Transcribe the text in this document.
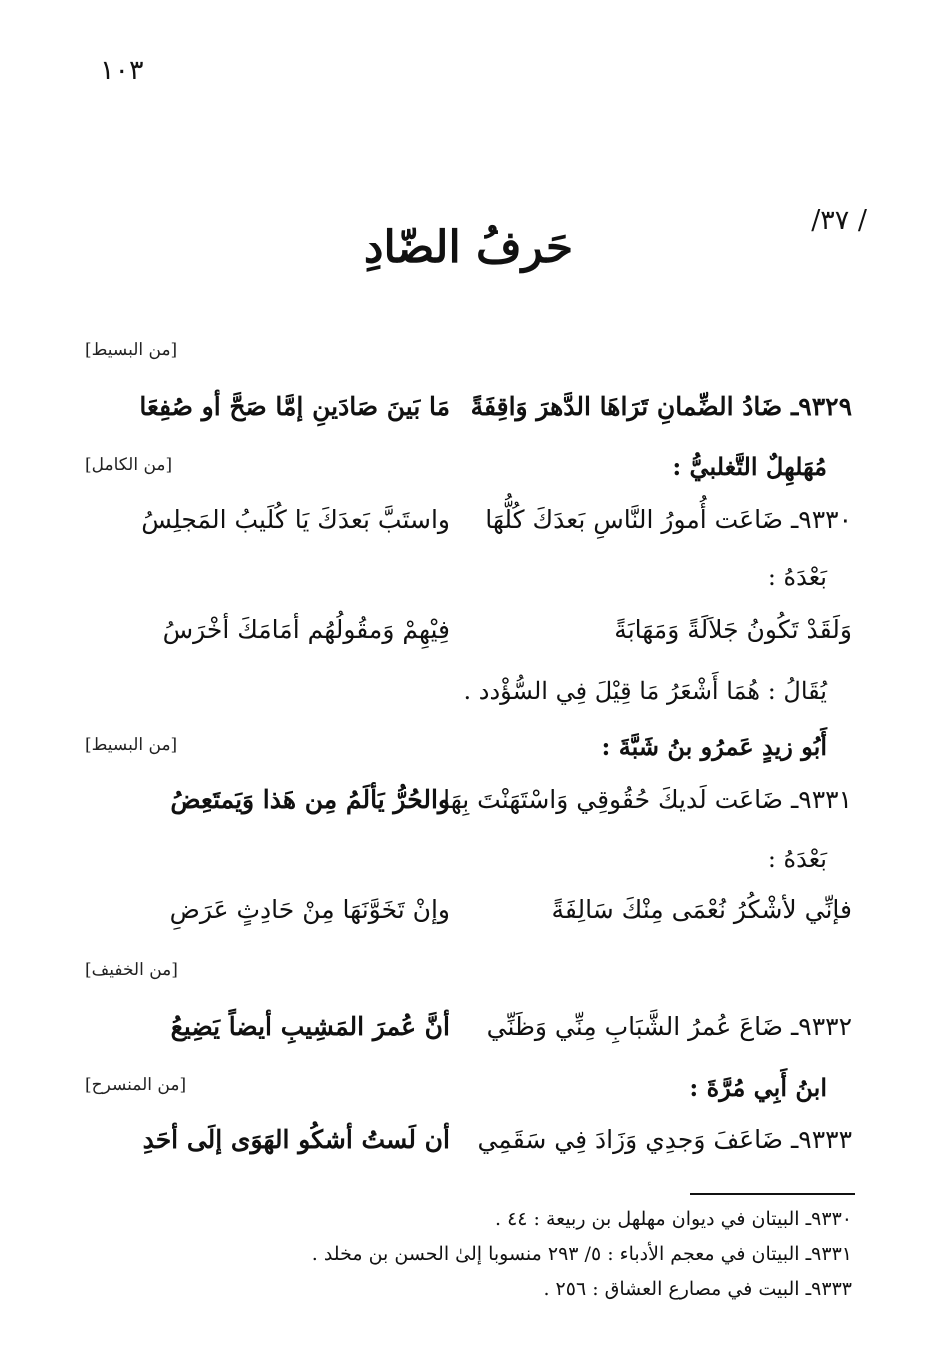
١٠٣
/ ٣٧/
حَرفُ الضّادِ
[من البسيط]
٩٣٢٩ـ ضَادُ الضِّمانِ تَرَاهَا الدَّهرَ وَاقِفَةً
مَا بَينَ صَادَينِ إمَّا صَحَّ أو صُفِعَا
مُهَلهِلٌ التَّغلبيُّ :
[من الكامل]
٩٣٣٠ـ ضَاعَت أُمورُ النَّاسِ بَعدَكَ كُلُّهَا
واستَبَّ بَعدَكَ يَا كُلَيبُ المَجلِسُ
بَعْدَهُ :
وَلَقَدْ تَكُونُ جَلاَلَةً وَمَهَابَةً
فِيْهِمْ وَمقُولُهُم أمَامَكَ أخْرَسُ
يُقَالُ : هُمَا أَشْعَرُ مَا قِيْلَ فِي السُّؤْدد .
أَبُو زيدٍ عَمرُو بنُ شَبَّةَ :
[من البسيط]
٩٣٣١ـ ضَاعَت لَديكَ حُقُوقِي وَاسْتَهَنْتَ بِهَا
والحُرُّ يَألَمُ مِن هَذا وَيَمتَعِضُ
بَعْدَهُ :
فإنِّي لأشْكُرُ نُعْمَى مِنْكَ سَالِفَةً
وإنْ تَخَوَّنَهَا مِنْ حَادِثٍ عَرَضِ
[من الخفيف]
٩٣٣٢ـ ضَاعَ عُمرُ الشَّبَابِ مِنِّي وَظَنِّي
أنَّ عُمرَ المَشِيبِ أيضاً يَضِيعُ
ابنُ أَبِي مُرَّةَ :
[من المنسرح]
٩٣٣٣ـ ضَاعَفَ وَجدِي وَزَادَ فِي سَقَمِي
أن لَستُ أشكُو الهَوَى إلَى أحَدِ
٩٣٣٠ـ البيتان في ديوان مهلهل بن ربيعة : ٤٤ .
٩٣٣١ـ البيتان في معجم الأدباء : ٥/ ٢٩٣ منسوبا إلىٰ الحسن بن مخلد .
٩٣٣٣ـ البيت في مصارع العشاق : ٢٥٦ .
